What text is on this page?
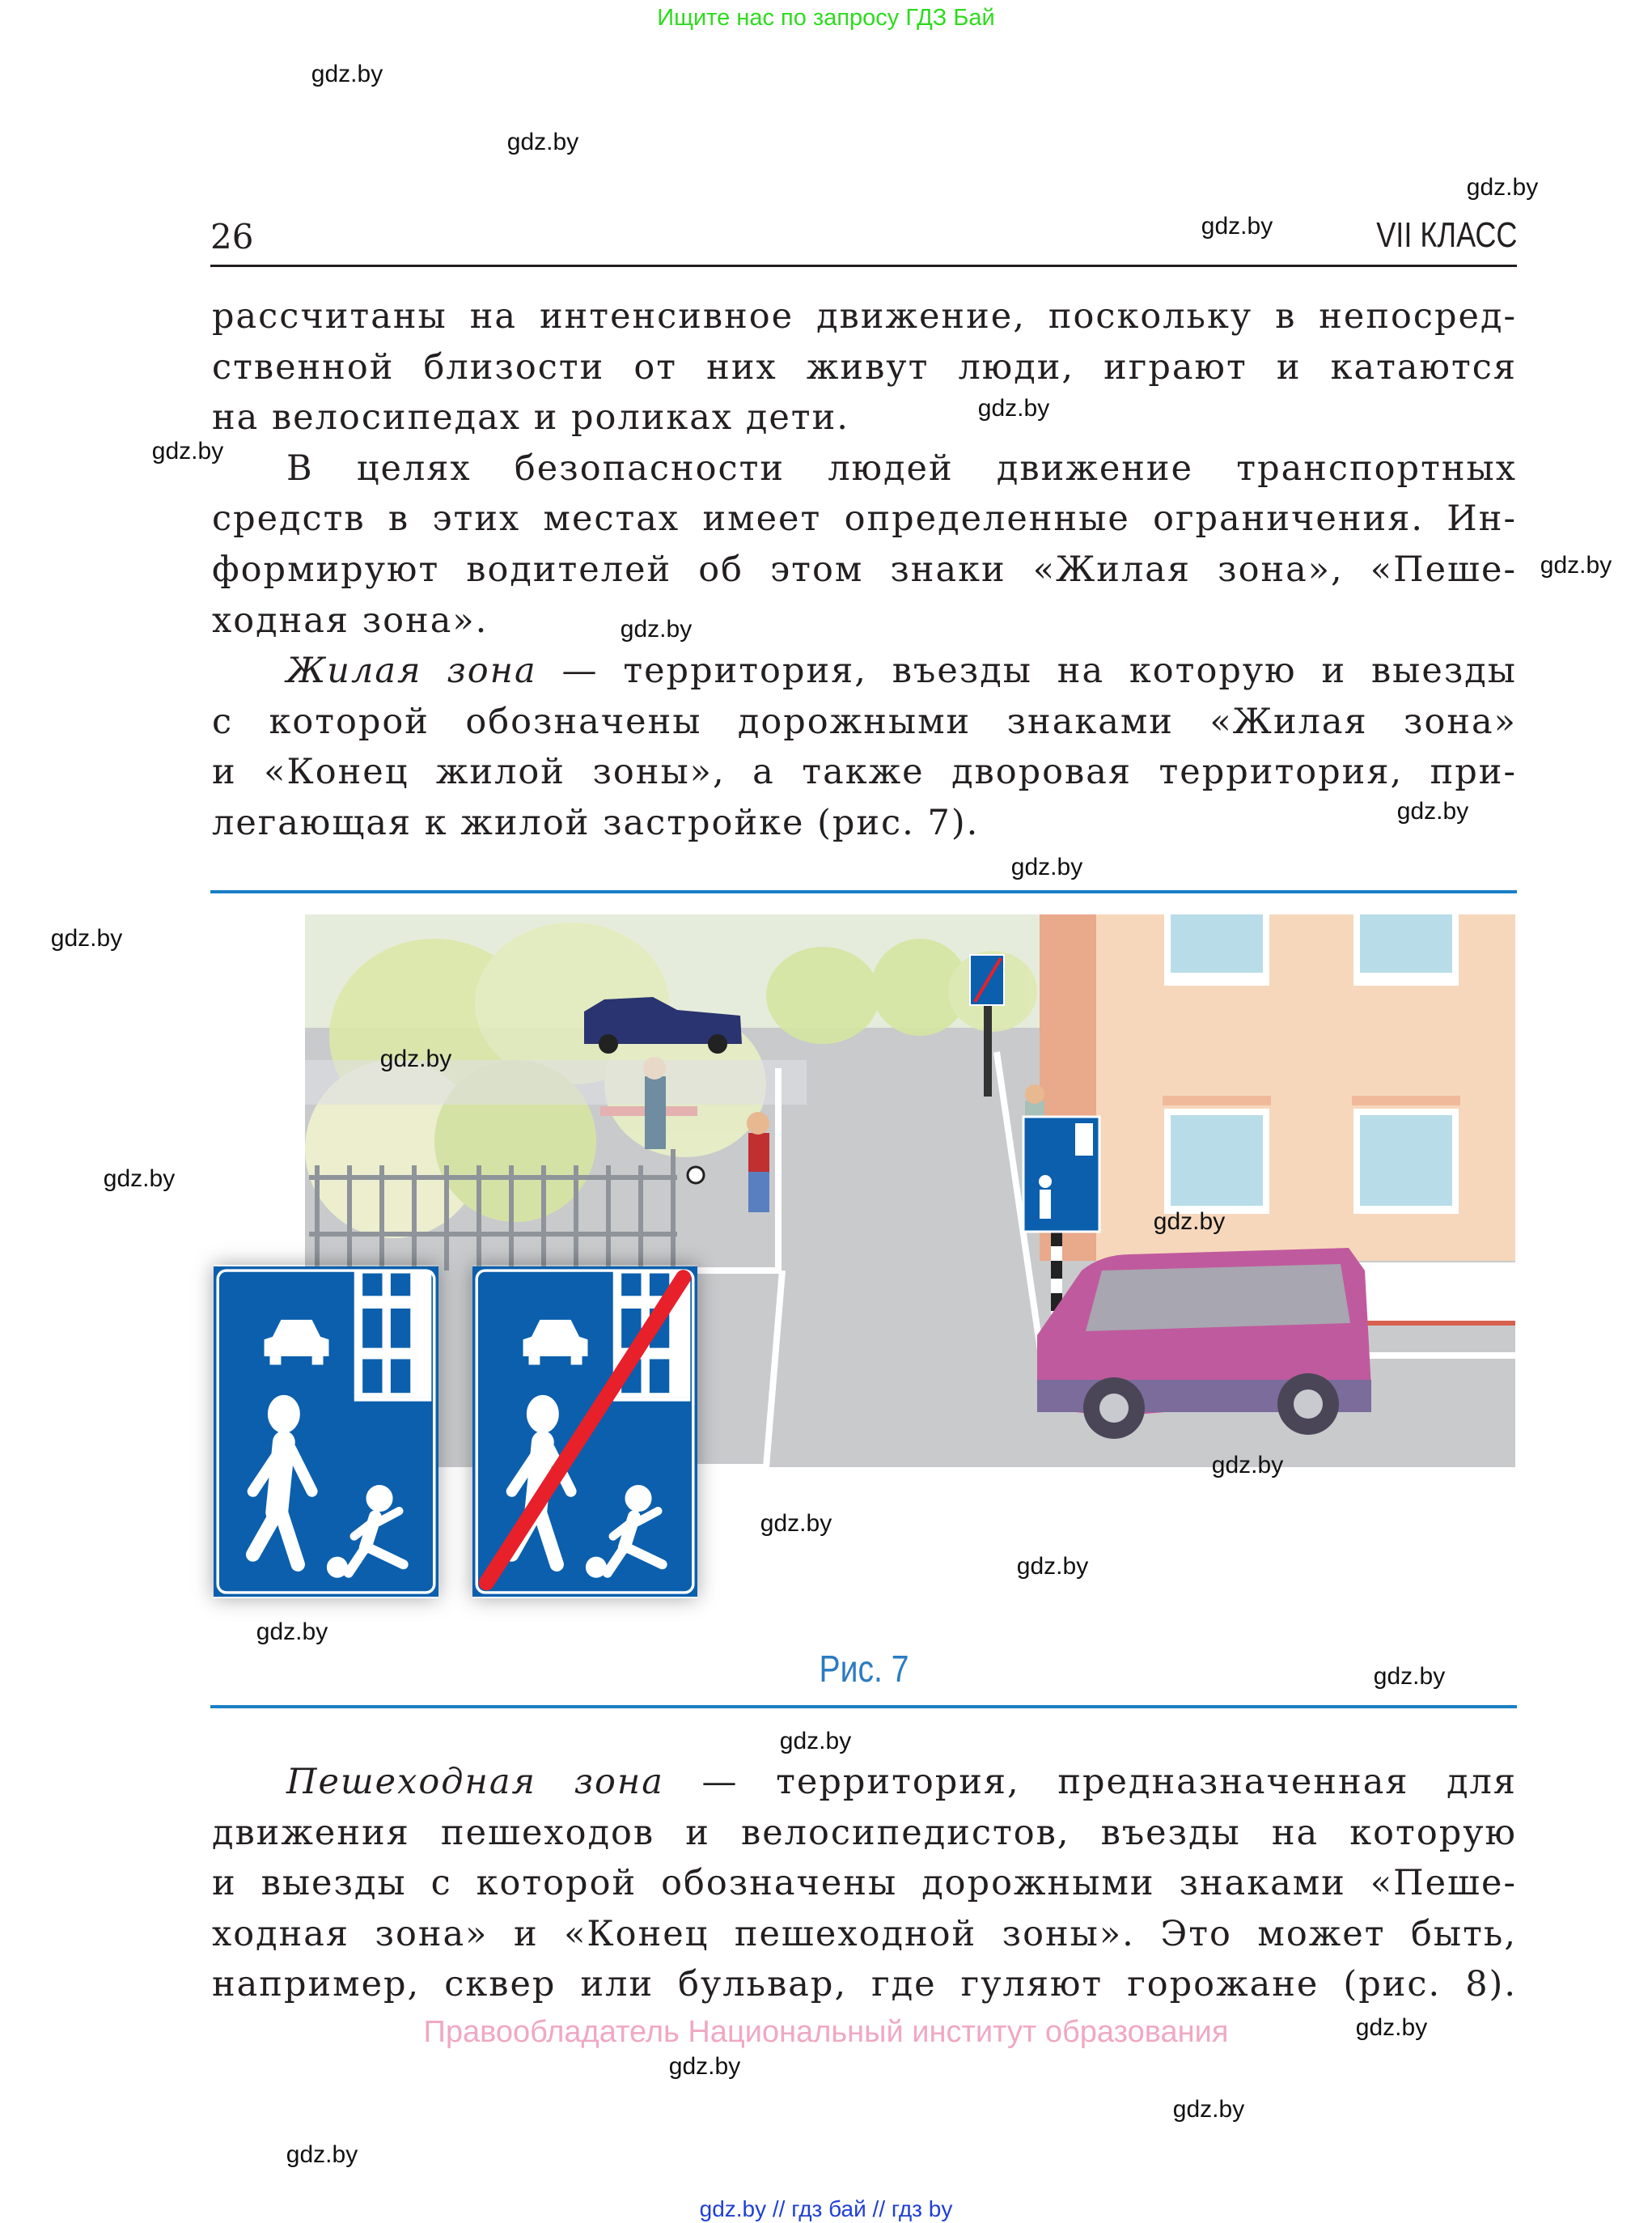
Ищите нас по запросу ГДЗ Бай
26	VII КЛАСС
рассчитаны на интенсивное движение, поскольку в непосред-
ственной близости от них живут люди, играют и катаются
на велосипедах и роликах дети.
В целях безопасности людей движение транспортных
средств в этих местах имеет определенные ограничения. Ин-
формируют водителей об этом знаки «Жилая зона», «Пеше-
ходная зона».
Жилая зона — территория, въезды на которую и выезды
с которой обозначены дорожными знаками «Жилая зона»
и «Конец жилой зоны», а также дворовая территория, при-
легающая к жилой застройке (рис. 7).
Рис. 7
Пешеходная зона — территория, предназначенная для
движения пешеходов и велосипедистов, въезды на которую
и выезды с которой обозначены дорожными знаками «Пеше-
ходная зона» и «Конец пешеходной зоны». Это может быть,
например, сквер или бульвар, где гуляют горожане (рис. 8).
Правообладатель Национальный институт образования
gdz.by // гдз бай // гдз by
gdz.by
gdz.by
gdz.by
gdz.by
gdz.by
gdz.by
gdz.by
gdz.by
gdz.by
gdz.by
gdz.by
gdz.by
gdz.by
gdz.by
gdz.by
gdz.by
gdz.by
gdz.by
gdz.by
gdz.by
gdz.by
gdz.by
gdz.by
gdz.by
